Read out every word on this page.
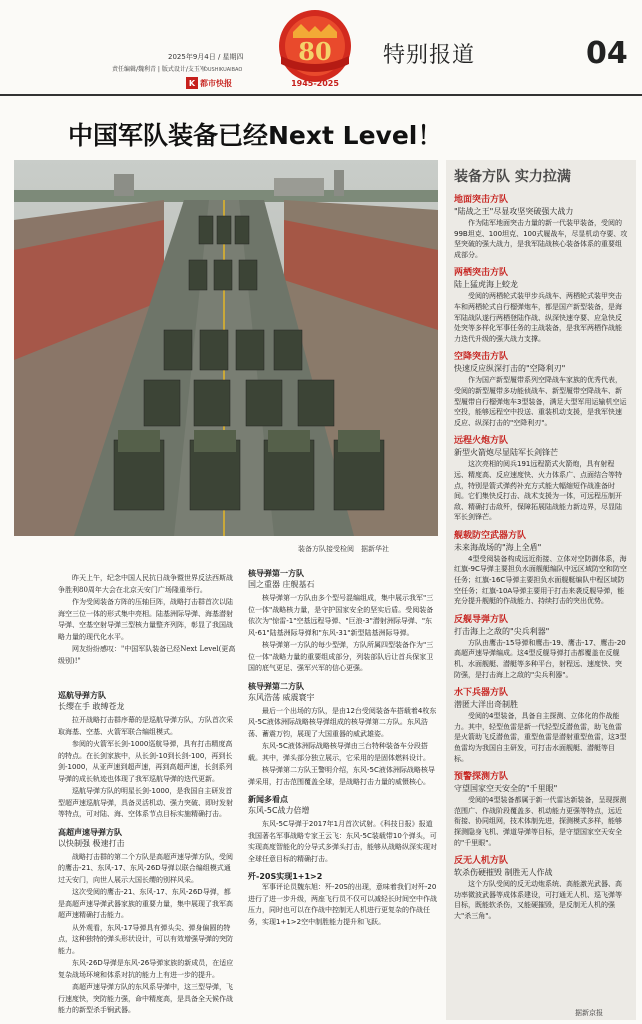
2025年9月4日 / 星期四
责任编辑/魏利青 | 版式设计/支玉军
K
DUSHIKUAIBAO
都市快报
80
1945-2025
特别报道	04
中国军队装备已经Next Level！
装备方队接受检阅　据新华社

昨天上午，纪念中国人民抗日战争暨世界反法西斯战争胜利80周年大会在北京天安门广场隆重举行。

作为受阅装备方阵的压轴巨阵，战略打击群首次以陆海空三位一体的形式集中亮相。陆基洲际导弹、海基潜射导弹、空基空射导弹三型核力量整齐列阵，彰显了我国战略力量的现代化水平。

网友纷纷感叹："中国军队装备已经Next Level(更高级别)!"

巡航导弹方队
长缨在手 敢缚苍龙

拉开战略打击群序幕的是巡航导弹方队，方队首次采取海基、空基、火箭军联合编组模式。

参阅的火箭军长剑-1000巡航导弹，具有打击精度高的特点。在长剑家族中，从长剑-10到长剑-100，再到长剑-1000，从亚声速到超声速，再到高超声速，长剑系列导弹的成长轨迹也体现了我军巡航导弹的迭代更新。

巡航导弹方队的明星长剑-1000，是我国自主研发首型超声速巡航导弹，具备灵活机动、强力突破、即时发射等特点，可对陆、海、空体系节点目标实施精确打击。

高超声速导弹方队
以快制强 极速打击

战略打击群的第二个方队是高超声速导弹方队，受阅的鹰击-21、东风-17、东风-26D导弹以联合编组模式通过天安门，向世人展示大国长缨的别样风采。

这次受阅的鹰击-21、东风-17、东风-26D导弹，都是高超声速导弹武器家族的重要力量，集中展现了我军高超声速精确打击能力。

从外观看，东风-17导弹具有弹头尖、弹身偏圆的特点，这种独特的弹头形状设计，可以有效增强导弹的突防能力。

东风-26D导弹是东风-26导弹家族的新成员，在适应复杂战场环境和体系对抗的能力上有进一步的提升。

高超声速导弹方队的东风系导弹中，这三型导弹，飞行速度快，突防能力强，命中精度高，是具备全天候作战能力的新型杀手锏武器。

核导弹第一方队
国之重器 庄舰基石

核导弹第一方队由多个型号混编组成，集中展示我军"三位一体"战略核力量，是守护国家安全的坚实后盾。受阅装备依次为"惊雷-1"空基远程导弹、"巨浪-3"潜射洲际导弹、"东风-61"陆基洲际导弹和"东风-31"新型陆基洲际导弹。

核导弹第一方队的每少型弹，方队所属四型装备作为"三位一体"战略力量的重要组成部分，列装部队后让首兵保家卫国的底气更足、强军兴军的信心更强。

核导弹第二方队
东风浩荡 威震寰宇

最后一个出场的方队，是由12台受阅装备车搭载着4枚东风-5C液体洲际战略核导弹组成的核导弹第二方队。东风浩荡、蓄震万钧，展现了大国重器的威武雄姿。

东风-5C液体洲际战略核导弹由三台特种装备车分段搭载。其中，弹头部分独立展示，它采用的是固体燃料设计。

核导弹第二方队王警明介绍，东风-5C液体洲际战略核导弹采用，打击范围覆盖全球，是战略打击力量的威慑核心。

新闻多看点
东风-5C战力倍增

东风-5C导弹于2017年1月首次试射。《科技日报》报道我国著名军事战略专家王云飞：东风-5C装载带10个弹头，可实现高度智能化的分导式多弹头打击，能够从战略纵深实现对全球任意目标的精确打击。

歼-20S实现1+1>2

军事评论员魏东旭：歼-20S的出现，意味着我们对歼-20进行了进一步升级，两座飞行员不仅可以减轻长时间空中作战压力，同时也可以在作战中控制无人机进行更复杂的作战任务，实现1+1>2空中制胜能力提升和飞跃。

装备方队 实力拉满
地面突击方队
"陆战之王"尽显攻坚突破强大战力
作为陆军地面突击力量的新一代装甲装备，受阅的99B坦克、100坦克、100式履战车，尽显机动夺要、攻坚突破的强大战力，是我军陆战核心装备体系的重要组成部分。
两栖突击方队
陆上猛虎海上蛟龙
受阅的两栖轮式装甲步兵战车、两栖轮式装甲突击车和两栖轮式自行榴弹炮车，都是国产新型装备，是海军陆战队遂行两栖登陆作战、纵深快速夺要、应急快反处突等多样化军事任务的主战装备，是我军两栖作战能力迭代升级的强大战力支撑。
空降突击方队
快速反应纵深打击的"空降利刃"
作为国产新型履带系列空降战车家族的优秀代表，受阅的新型履带多功能侦战车、新型履带空降战车、新型履带自行榴弹炮车3型装备，满足大型军用运输机空运空投，能够远程空中投送、重装机动支援，是我军快速反应、纵深打击的"空降利刃"。
远程火炮方队
新型火箭炮尽显陆军长剑锋芒
这次亮相的阅兵191远程箭式火箭炮，具有射程远、精度高、反应速度快、火力体系广、点面结合等特点，特别是箭式弹药补充方式能大幅缩短作战准备时间。它们集快反打击、战术支援为一体，可远程压制开敌、精确打击敌歼，保障拓展陆战能力新边界，尽显陆军长剑锋芒。
舰载防空武器方队
未来海战场的"海上全盾"
4型受阅装备构成远近衔接、立体对空防御体系，海红旗-9C导弹主要担负水面舰艇编队中远区域防空和防空任务；红旗-16C导弹主要担负水面舰艇编队中程区域防空任务；红旗-10A导弹主要用于打击来袭反舰导弹，能充分提升舰艇的作战能力、持续打击的突出优势。
反舰导弹方队
打击海上之敌的"尖兵利器"
方队由鹰击-15导弹和鹰击-19、鹰击-17、鹰击-20高超声速导弹编成。这4型反舰导弹打击都覆盖在反舰机、水面舰艇、潜艇等多种平台，射程远、速度快、突防强，是打击海上之敌的"尖兵利器"。
水下兵器方队
潜匿大洋出奇制胜
受阅的4型装备，具备自主探测、立体化的作战能力。其中，轻型鱼雷是新一代轻型反潜鱼雷，助飞鱼雷是火箭助飞反潜鱼雷，重型鱼雷是潜射重型鱼雷，这3型鱼雷均为我国自主研发，可打击水面舰艇、潜艇等目标。
预警探测方队
守望国家空天安全的"千里眼"
受阅的4型装备都属于新一代雷达新装备，呈现探测范围广、作战阶段覆盖多、机动能力更强等特点，远近衔接、协同组网，技术体制先进，探测模式多样，能够探测隐身飞机、弹道导弹等目标，是守望国家空天安全的"千里眼"。
反无人机方队
软杀伤硬摧毁 制胜无人作战
这个方队受阅的反无动炮系统、高能激光武器、高功率微波武器等成体系建设，可打通无人机、巡飞弹等目标，既能软杀伤，又能硬摧毁，是反制无人机的强大"杀三角"。
据新京报
